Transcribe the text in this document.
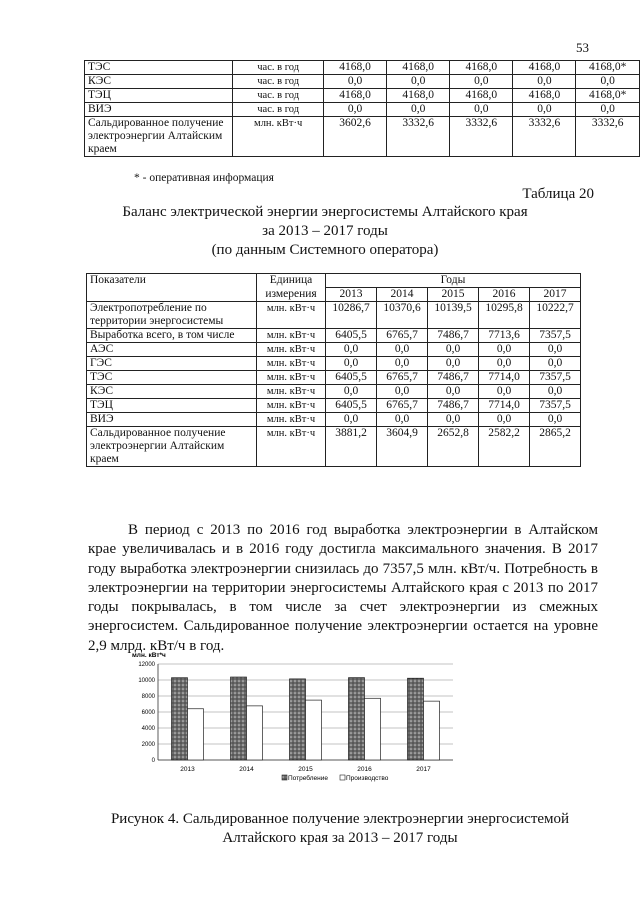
53
ТЭС	час. в год	4168,0	4168,0	4168,0	4168,0	4168,0*
КЭС	час. в год	0,0	0,0	0,0	0,0	0,0
ТЭЦ	час. в год	4168,0	4168,0	4168,0	4168,0	4168,0*
ВИЭ	час. в год	0,0	0,0	0,0	0,0	0,0
Сальдированное получение электроэнергии Алтайским краем	млн. кВт·ч	3602,6	3332,6	3332,6	3332,6	3332,6
* - оперативная информация
Таблица 20
Баланс электрической энергии энергосистемы Алтайского края
за 2013 – 2017 годы
(по данным Системного оператора)
Показатели	Единица	Годы				
	измерения	2013	2014	2015	2016	2017
Электропотребление по территории энергосистемы	млн. кВт·ч	10286,7	10370,6	10139,5	10295,8	10222,7
Выработка всего, в том числе	млн. кВт·ч	6405,5	6765,7	7486,7	7713,6	7357,5
АЭС	млн. кВт·ч	0,0	0,0	0,0	0,0	0,0
ГЭС	млн. кВт·ч	0,0	0,0	0,0	0,0	0,0
ТЭС	млн. кВт·ч	6405,5	6765,7	7486,7	7714,0	7357,5
КЭС	млн. кВт·ч	0,0	0,0	0,0	0,0	0,0
ТЭЦ	млн. кВт·ч	6405,5	6765,7	7486,7	7714,0	7357,5
ВИЭ	млн. кВт·ч	0,0	0,0	0,0	0,0	0,0
Сальдированное получение электроэнергии Алтайским краем	млн. кВт·ч	3881,2	3604,9	2652,8	2582,2	2865,2

В период с 2013 по 2016 год выработка электроэнергии в Алтайском крае увеличивалась и в 2016 году достигла максимального значения. В 2017 году выработка электроэнергии снизилась до 7357,5 млн. кВт/ч. Потребность в электроэнергии на территории энергосистемы Алтайского края с 2013 по 2017 годы покрывалась, в том числе за счет электроэнергии из смежных энергосистем. Сальдированное получение электроэнергии остается на уровне 2,9 млрд. кВт/ч в год.

млн. кВт*ч
0
2000
4000
6000
8000
10000
12000
2013	2014	2015	2016	2017
Потребление	Производство
Рисунок 4. Сальдированное получение электроэнергии энергосистемой
Алтайского края за 2013 – 2017 годы
